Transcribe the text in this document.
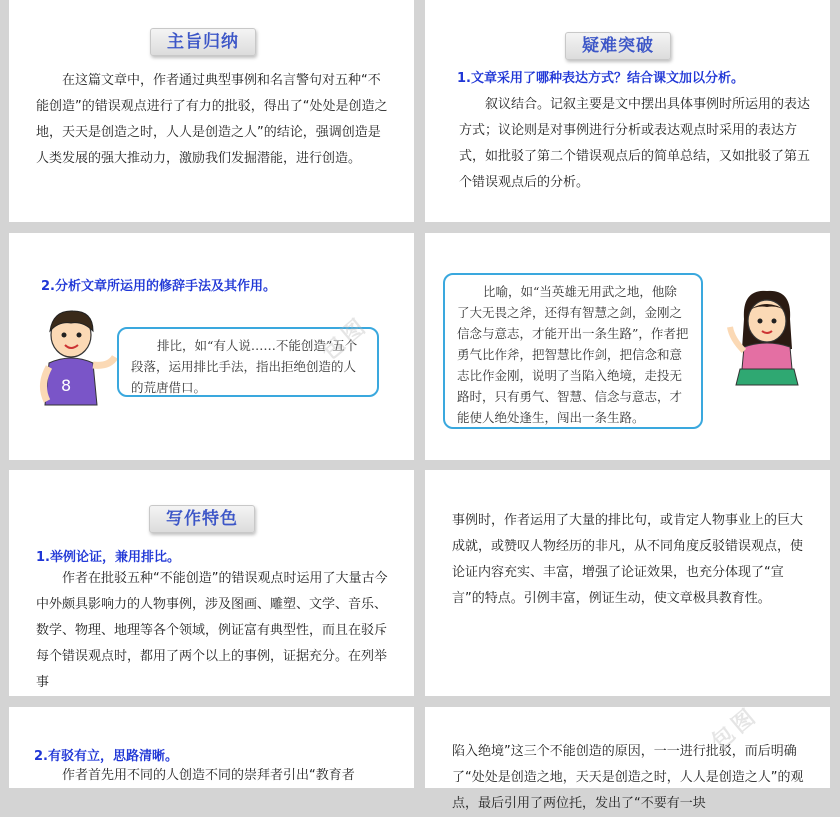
主旨归纳
在这篇文章中，作者通过典型事例和名言警句对五种“不能创造”的错误观点进行了有力的批驳，得出了“处处是创造之地，天天是创造之时，人人是创造之人”的结论，强调创造是人类发展的强大推动力，激励我们发掘潜能，进行创造。
疑难突破
1.文章采用了哪种表达方式？结合课文加以分析。
叙议结合。记叙主要是文中摆出具体事例时所运用的表达方式；议论则是对事例进行分析或表达观点时采用的表达方式，如批驳了第二个错误观点后的简单总结，又如批驳了第五个错误观点后的分析。
2.分析文章所运用的修辞手法及其作用。
8
排比，如“有人说……不能创造”五个段落，运用排比手法，指出拒绝创造的人的荒唐借口。
比喻，如“当英雄无用武之地，他除了大无畏之斧，还得有智慧之剑，金刚之信念与意志，才能开出一条生路”，作者把勇气比作斧，把智慧比作剑，把信念和意志比作金刚，说明了当陷入绝境，走投无路时，只有勇气、智慧、信念与意志，才能使人绝处逢生，闯出一条生路。
写作特色
1.举例论证，兼用排比。
作者在批驳五种“不能创造”的错误观点时运用了大量古今中外颇具影响力的人物事例，涉及图画、雕塑、文学、音乐、数学、物理、地理等各个领域，例证富有典型性，而且在驳斥每个错误观点时，都用了两个以上的事例，证据充分。在列举事
事例时，作者运用了大量的排比句，或肯定人物事业上的巨大成就，或赞叹人物经历的非凡，从不同角度反驳错误观点，使论证内容充实、丰富，增强了论证效果，也充分体现了“宣言”的特点。引例丰富，例证生动，使文章极具教育性。
2.有驳有立，思路清晰。
作者首先用不同的人创造不同的崇拜者引出“教育者
陷入绝境”这三个不能创造的原因，一一进行批驳，而后明确了“处处是创造之地，天天是创造之时，人人是创造之人”的观点，最后引用了两位托，发出了“不要有一块
包图
包图
